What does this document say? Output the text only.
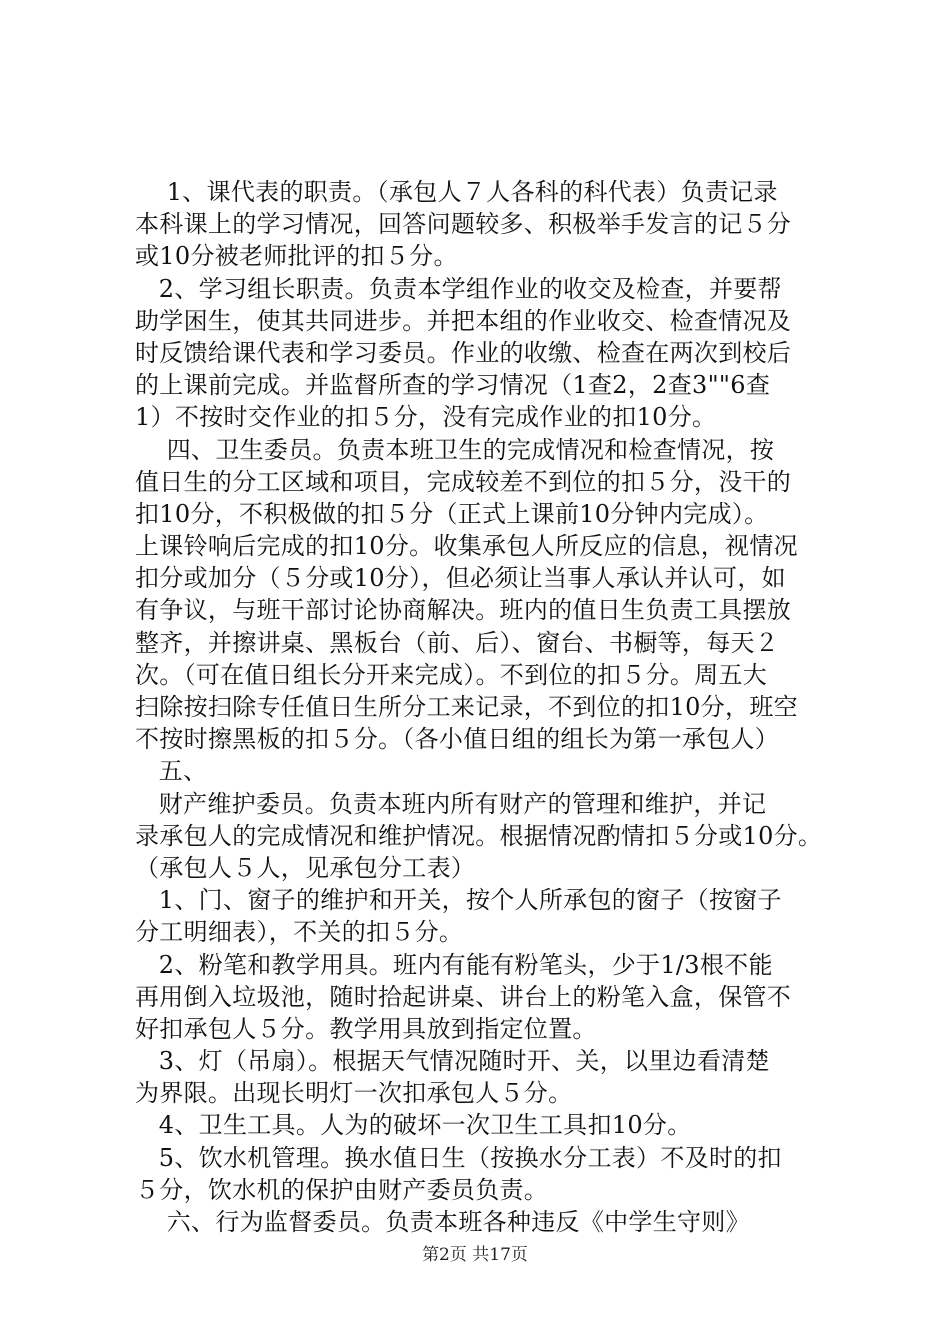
1、课代表的职责。（承包人７人各科的科代表）负责记录
本科课上的学习情况，回答问题较多、积极举手发言的记５分
或10分被老师批评的扣５分。
2、学习组长职责。负责本学组作业的收交及检查，并要帮
助学困生，使其共同进步。并把本组的作业收交、检查情况及
时反馈给课代表和学习委员。作业的收缴、检查在两次到校后
的上课前完成。并监督所查的学习情况（1查2，2查3""6查
1）不按时交作业的扣５分，没有完成作业的扣10分。
四、卫生委员。负责本班卫生的完成情况和检查情况，按
值日生的分工区域和项目，完成较差不到位的扣５分，没干的
扣10分，不积极做的扣５分（正式上课前10分钟内完成）。
上课铃响后完成的扣10分。收集承包人所反应的信息，视情况
扣分或加分（５分或10分），但必须让当事人承认并认可，如
有争议，与班干部讨论协商解决。班内的值日生负责工具摆放
整齐，并擦讲桌、黑板台（前、后）、窗台、书橱等，每天２
次。（可在值日组长分开来完成）。不到位的扣５分。周五大
扫除按扫除专任值日生所分工来记录，不到位的扣10分，班空
不按时擦黑板的扣５分。（各小值日组的组长为第一承包人）
五、
财产维护委员。负责本班内所有财产的管理和维护，并记
录承包人的完成情况和维护情况。根据情况酌情扣５分或10分。
（承包人５人，见承包分工表）
1、门、窗子的维护和开关，按个人所承包的窗子（按窗子
分工明细表），不关的扣５分。
2、粉笔和教学用具。班内有能有粉笔头，少于1/3根不能
再用倒入垃圾池，随时拾起讲桌、讲台上的粉笔入盒，保管不
好扣承包人５分。教学用具放到指定位置。
3、灯（吊扇）。根据天气情况随时开、关，以里边看清楚
为界限。出现长明灯一次扣承包人５分。
4、卫生工具。人为的破坏一次卫生工具扣10分。
5、饮水机管理。换水值日生（按换水分工表）不及时的扣
５分，饮水机的保护由财产委员负责。
六、行为监督委员。负责本班各种违反《中学生守则》
第2页 共17页
